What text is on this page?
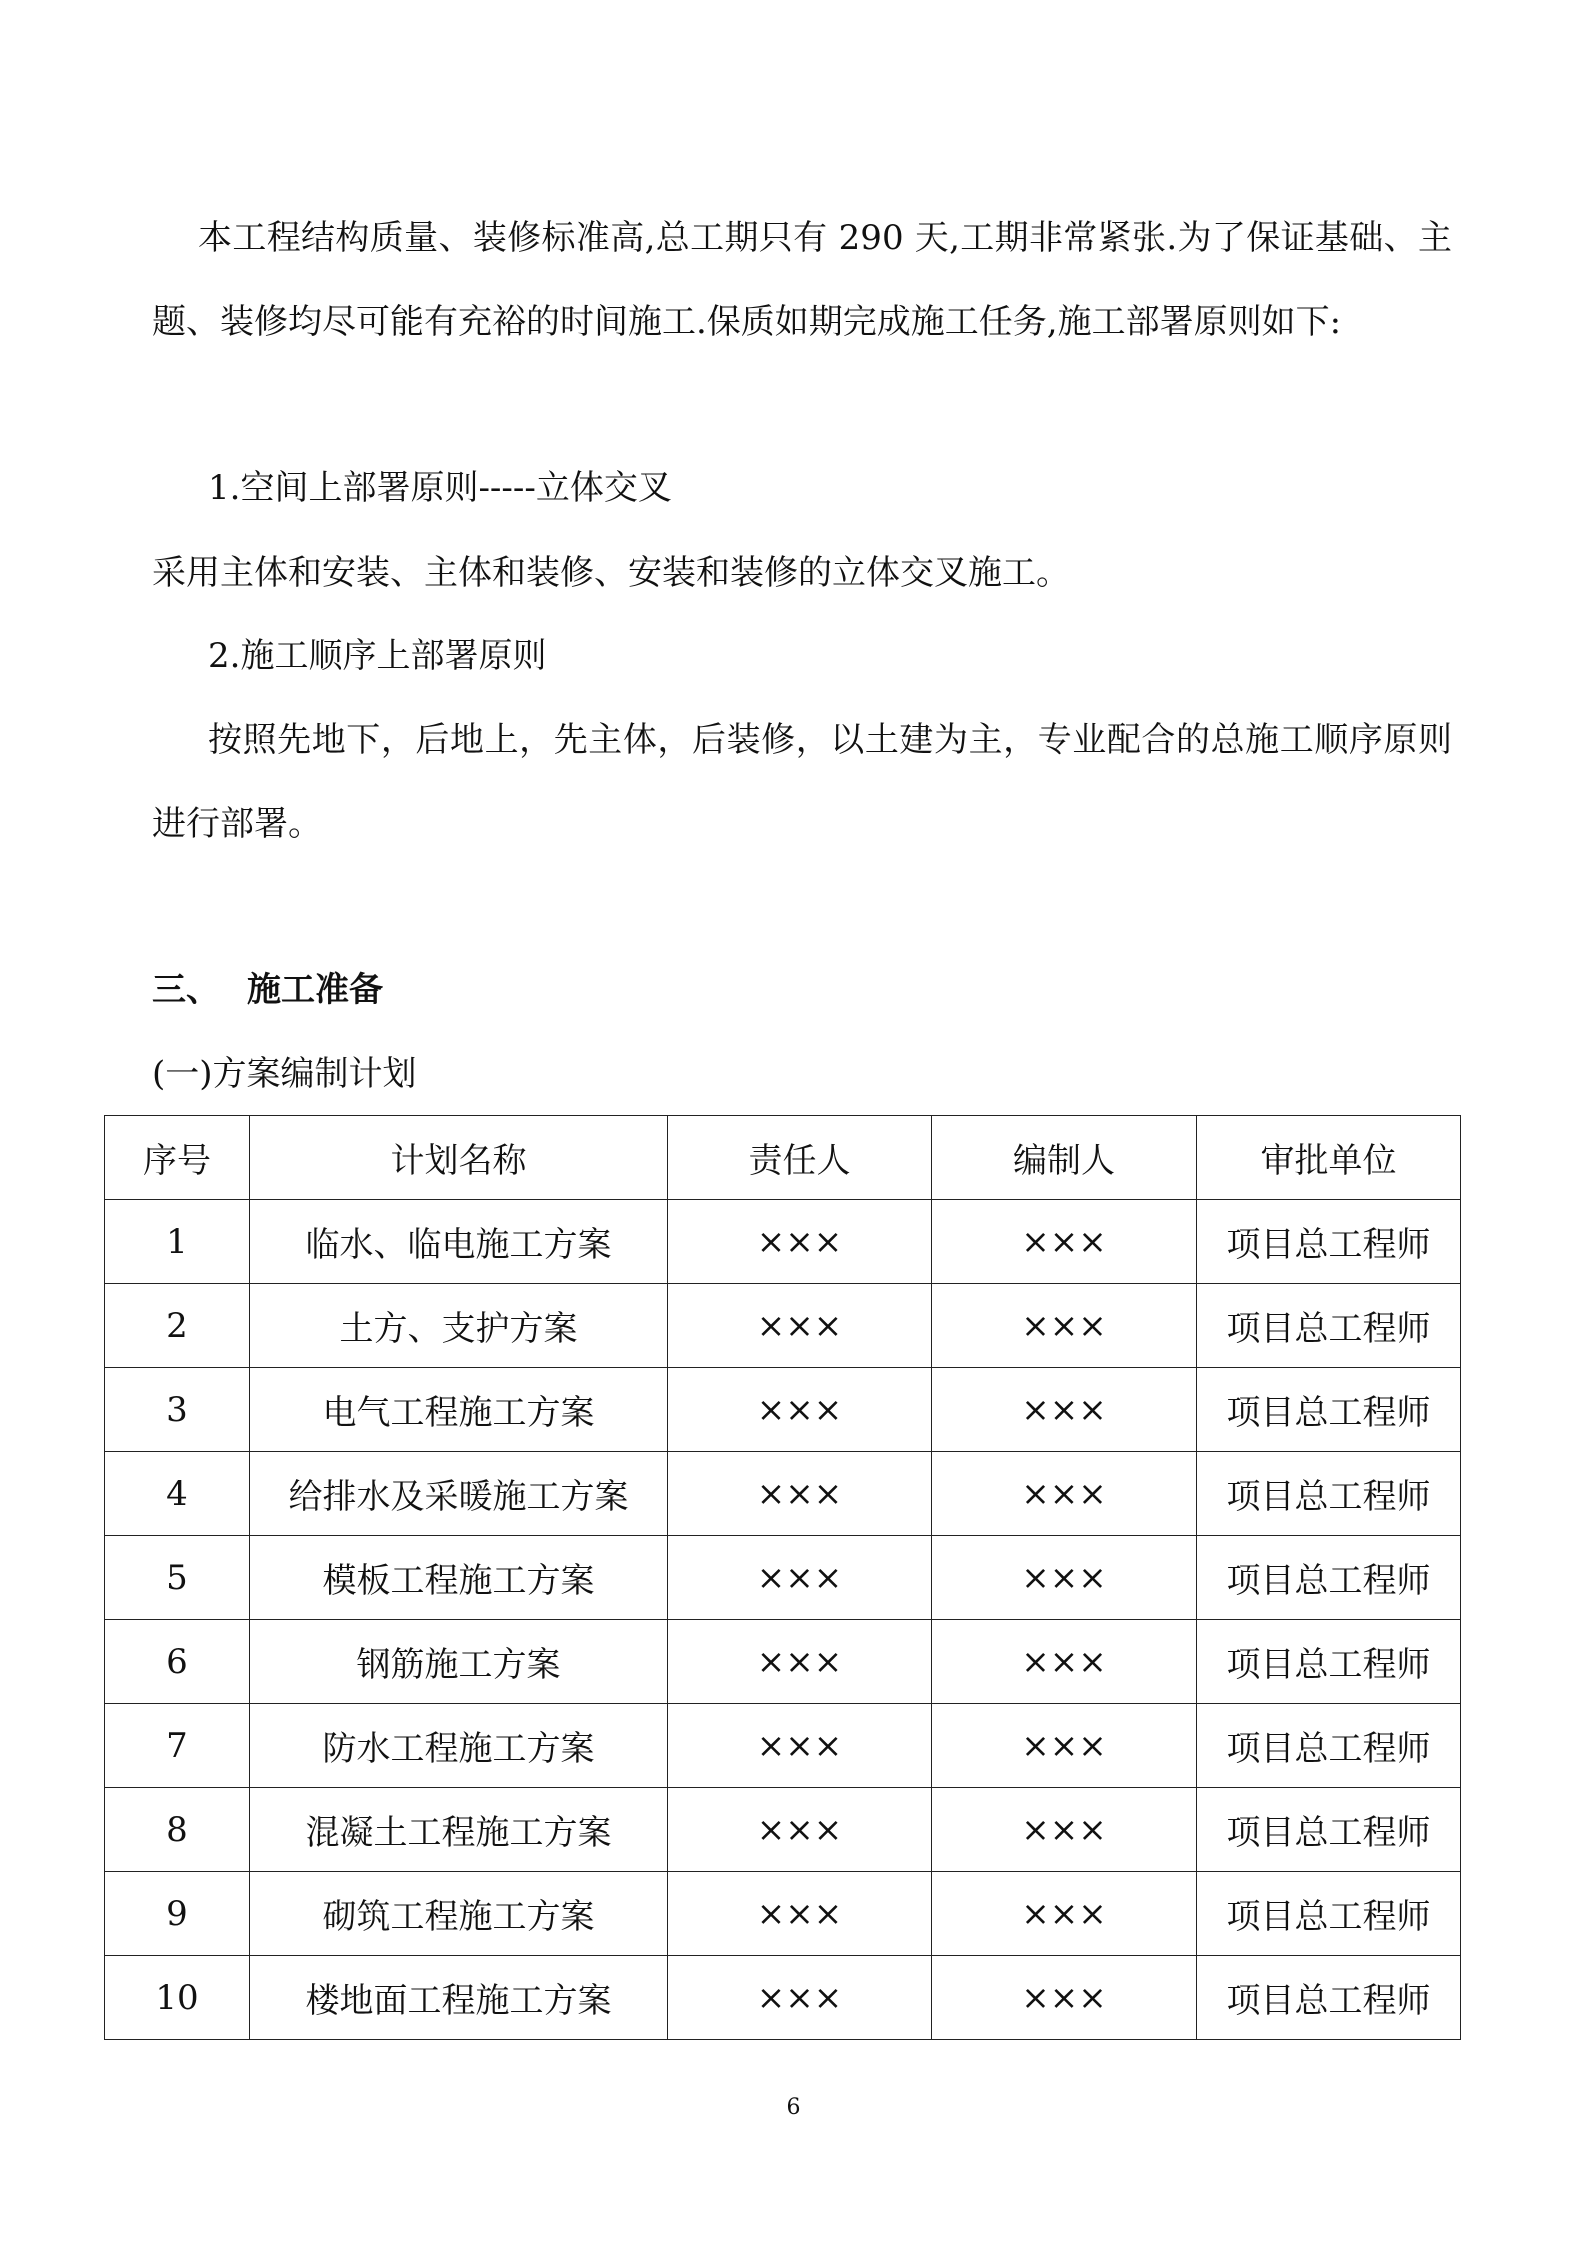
本工程结构质量、装修标准高,总工期只有 290 天,工期非常紧张.为了保证基础、主题、装修均尽可能有充裕的时间施工.保质如期完成施工任务,施工部署原则如下:

1.空间上部署原则-----立体交叉

采用主体和安装、主体和装修、安装和装修的立体交叉施工。

2.施工顺序上部署原则

按照先地下，后地上，先主体，后装修，以土建为主，专业配合的总施工顺序原则进行部署。

三、 施工准备

(一)方案编制计划

序号	计划名称	责任人	编制人	审批单位
1	临水、临电施工方案	×××	×××	项目总工程师
2	土方、支护方案	×××	×××	项目总工程师
3	电气工程施工方案	×××	×××	项目总工程师
4	给排水及采暖施工方案	×××	×××	项目总工程师
5	模板工程施工方案	×××	×××	项目总工程师
6	钢筋施工方案	×××	×××	项目总工程师
7	防水工程施工方案	×××	×××	项目总工程师
8	混凝土工程施工方案	×××	×××	项目总工程师
9	砌筑工程施工方案	×××	×××	项目总工程师
10	楼地面工程施工方案	×××	×××	项目总工程师

6
